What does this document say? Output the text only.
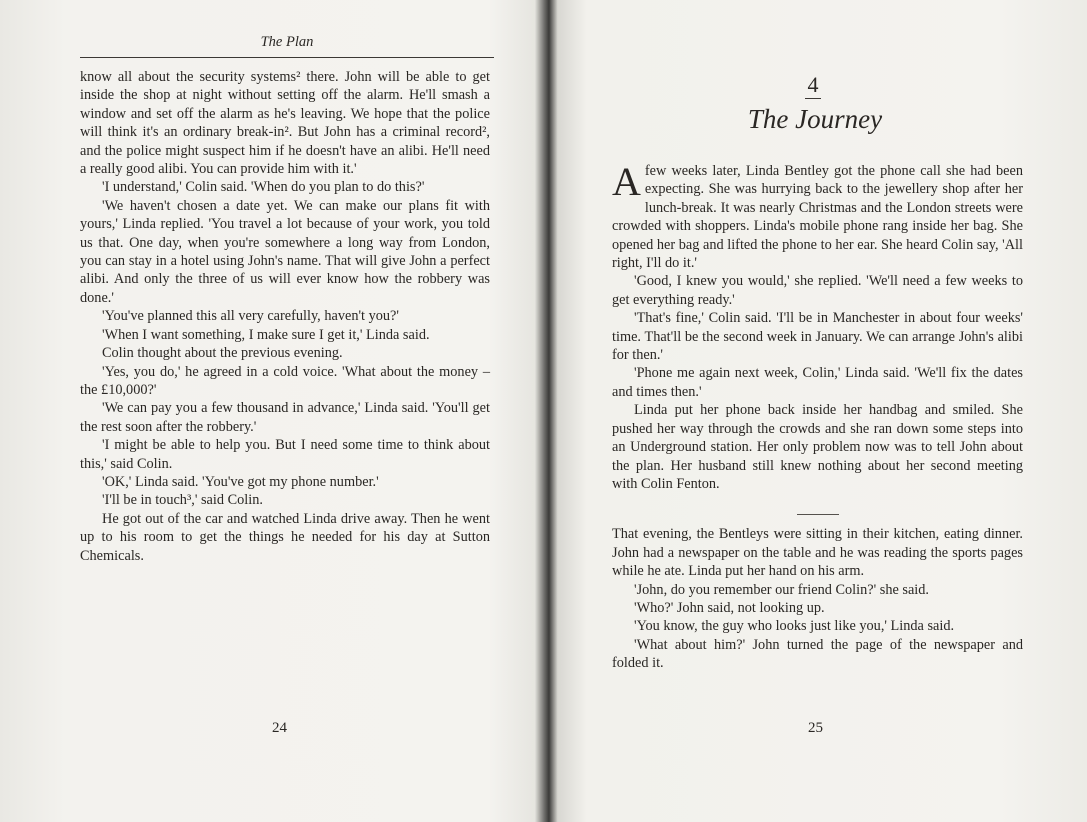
The Plan

know all about the security systems² there. John will be able to get inside the shop at night without setting off the alarm. He'll smash a window and set off the alarm as he's leaving. We hope that the police will think it's an ordinary break-in². But John has a criminal record², and the police might suspect him if he doesn't have an alibi. He'll need a really good alibi. You can provide him with it.'

'I understand,' Colin said. 'When do you plan to do this?'

'We haven't chosen a date yet. We can make our plans fit with yours,' Linda replied. 'You travel a lot because of your work, you told us that. One day, when you're somewhere a long way from London, you can stay in a hotel using John's name. That will give John a perfect alibi. And only the three of us will ever know how the robbery was done.'

'You've planned this all very carefully, haven't you?'

'When I want something, I make sure I get it,' Linda said.

Colin thought about the previous evening.

'Yes, you do,' he agreed in a cold voice. 'What about the money – the £10,000?'

'We can pay you a few thousand in advance,' Linda said. 'You'll get the rest soon after the robbery.'

'I might be able to help you. But I need some time to think about this,' said Colin.

'OK,' Linda said. 'You've got my phone number.'

'I'll be in touch³,' said Colin.

He got out of the car and watched Linda drive away. Then he went up to his room to get the things he needed for his day at Sutton Chemicals.

24
4
The Journey

Afew weeks later, Linda Bentley got the phone call she had been expecting. She was hurrying back to the jewellery shop after her lunch-break. It was nearly Christmas and the London streets were crowded with shoppers. Linda's mobile phone rang inside her bag. She opened her bag and lifted the phone to her ear. She heard Colin say, 'All right, I'll do it.'

'Good, I knew you would,' she replied. 'We'll need a few weeks to get everything ready.'

'That's fine,' Colin said. 'I'll be in Manchester in about four weeks' time. That'll be the second week in January. We can arrange John's alibi for then.'

'Phone me again next week, Colin,' Linda said. 'We'll fix the dates and times then.'

Linda put her phone back inside her handbag and smiled. She pushed her way through the crowds and she ran down some steps into an Underground station. Her only problem now was to tell John about the plan. Her husband still knew nothing about her second meeting with Colin Fenton.

That evening, the Bentleys were sitting in their kitchen, eating dinner. John had a newspaper on the table and he was reading the sports pages while he ate. Linda put her hand on his arm.

'John, do you remember our friend Colin?' she said.

'Who?' John said, not looking up.

'You know, the guy who looks just like you,' Linda said.

'What about him?' John turned the page of the newspaper and folded it.

25
